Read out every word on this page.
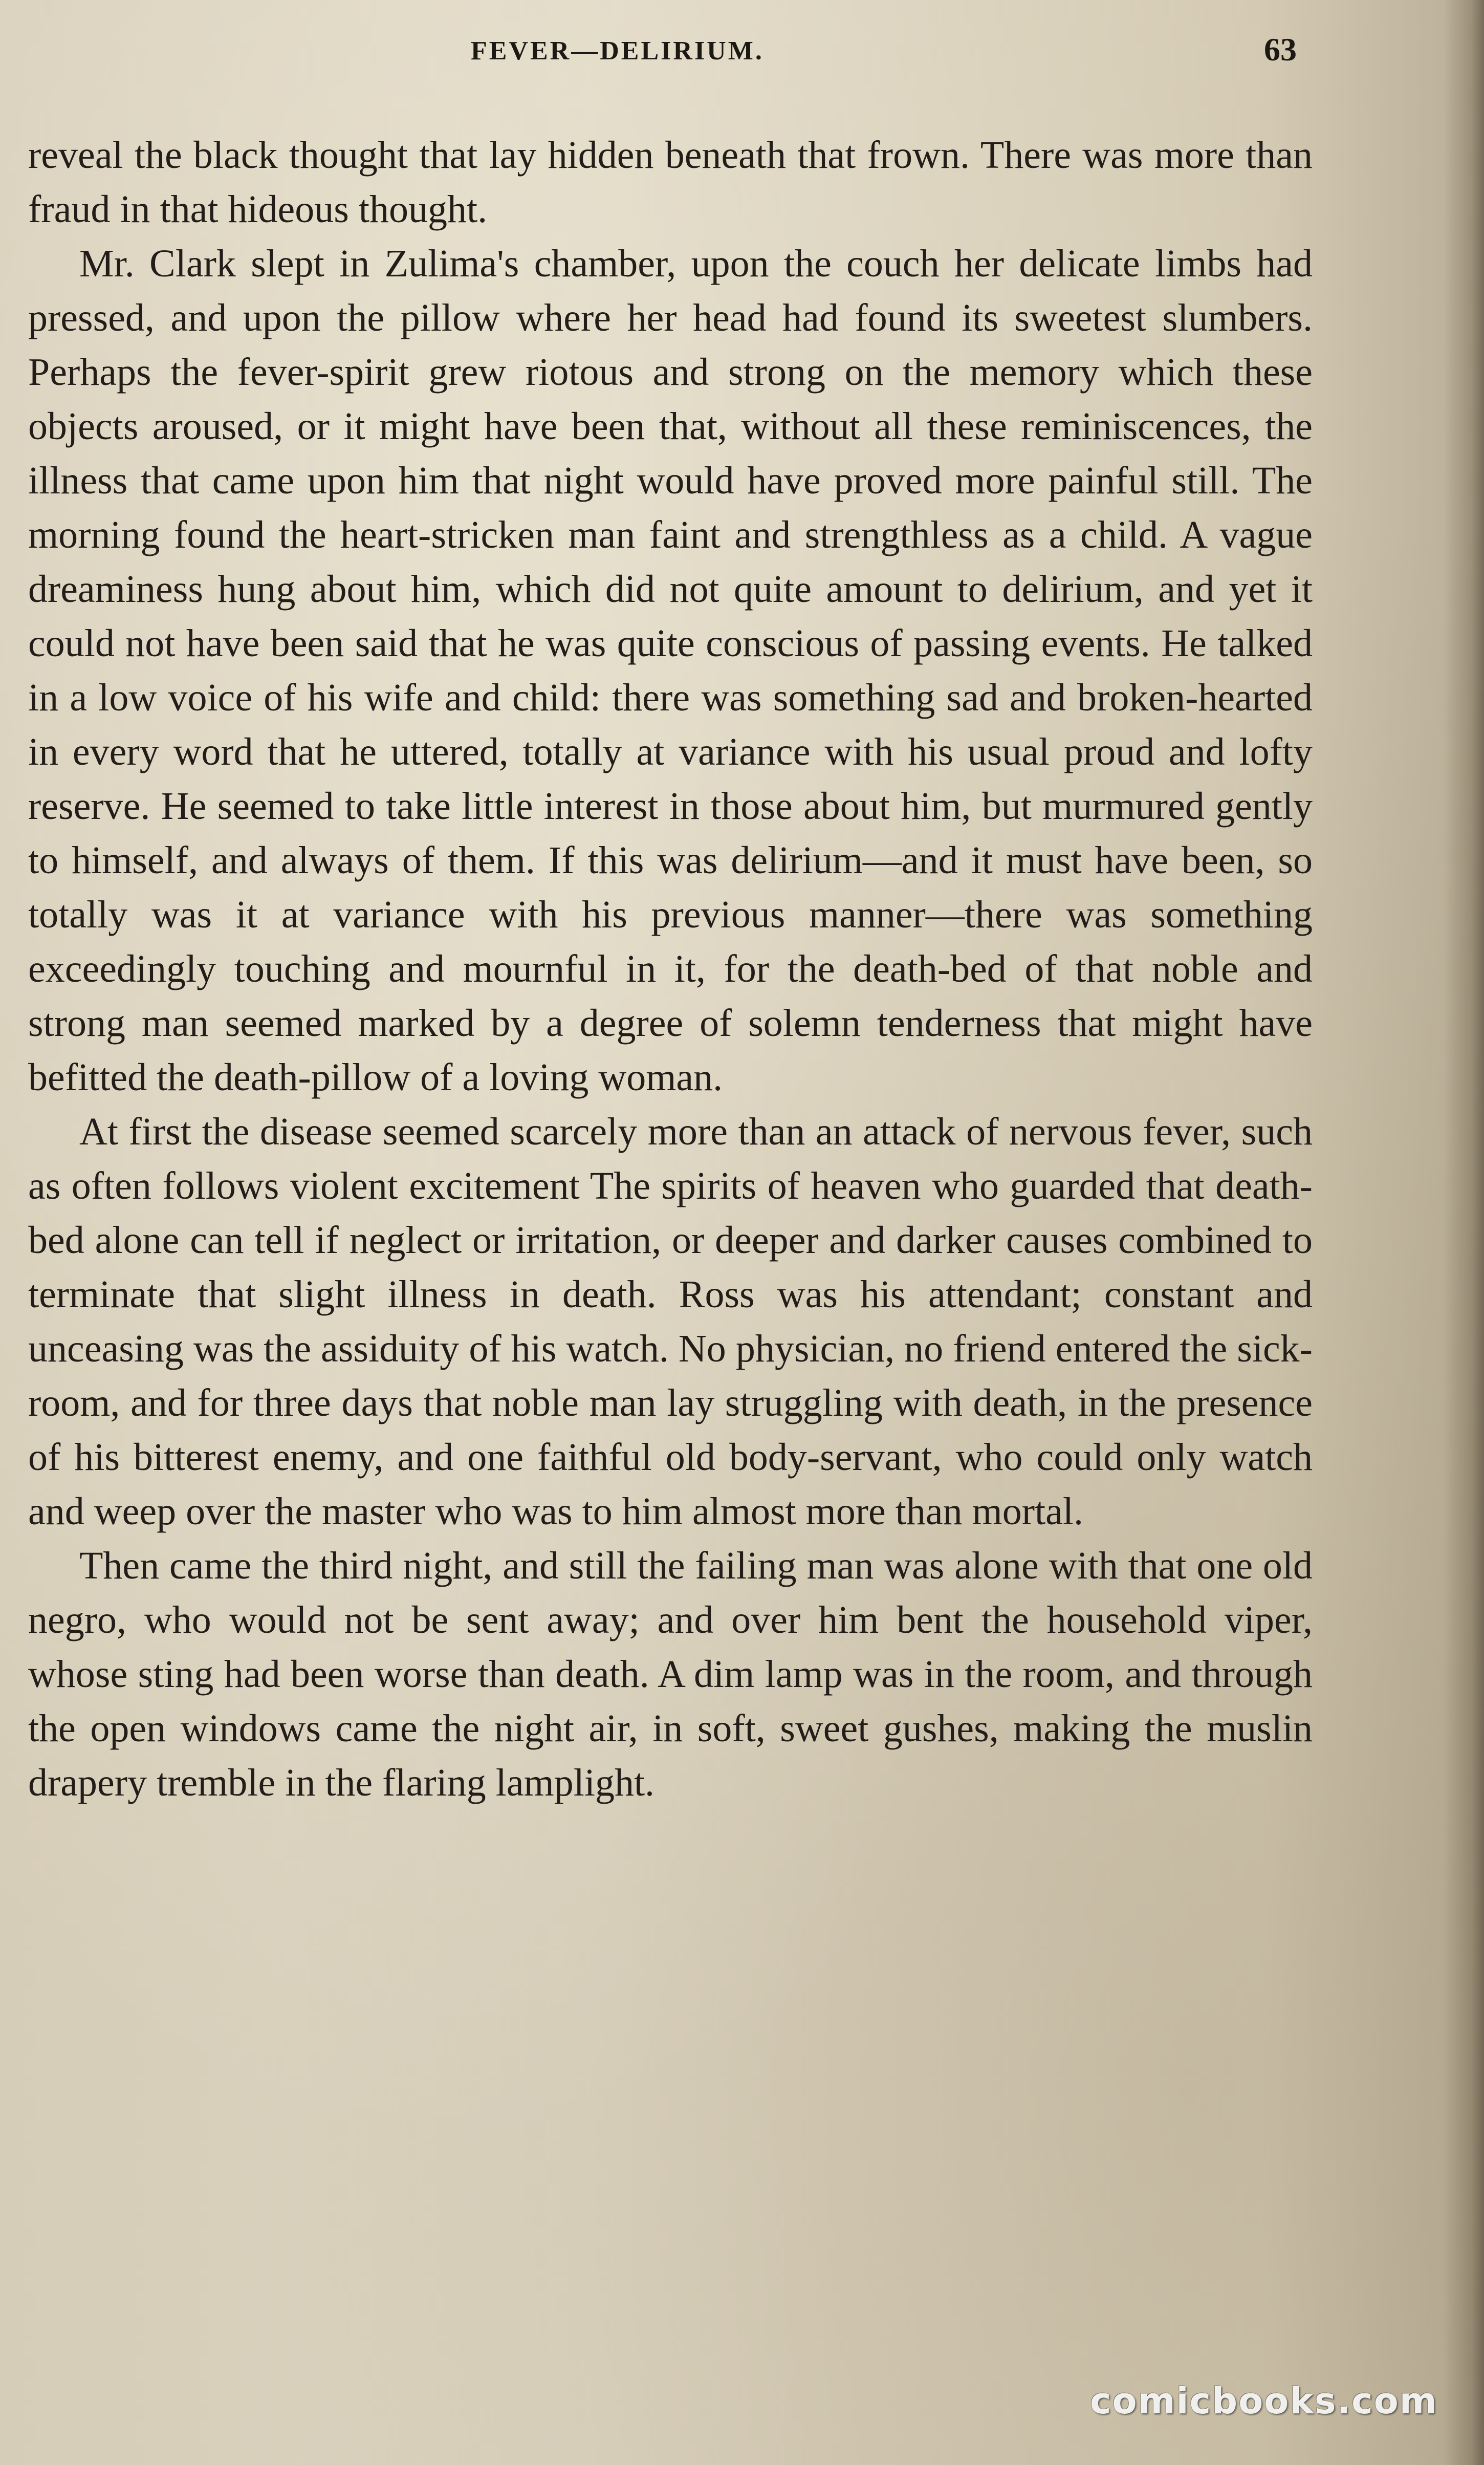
FEVER—DELIRIUM.	63

reveal the black thought that lay hidden beneath that frown. There was more than fraud in that hideous thought.

Mr. Clark slept in Zulima's chamber, upon the couch her delicate limbs had pressed, and upon the pillow where her head had found its sweetest slumbers. Perhaps the fever-spirit grew riotous and strong on the memory which these objects aroused, or it might have been that, without all these reminiscences, the illness that came upon him that night would have proved more painful still. The morning found the heart-stricken man faint and strengthless as a child. A vague dreaminess hung about him, which did not quite amount to delirium, and yet it could not have been said that he was quite conscious of passing events. He talked in a low voice of his wife and child: there was something sad and broken-hearted in every word that he uttered, totally at variance with his usual proud and lofty reserve. He seemed to take little interest in those about him, but murmured gently to himself, and always of them. If this was delirium—and it must have been, so totally was it at variance with his previous manner—there was something exceedingly touching and mournful in it, for the death-bed of that noble and strong man seemed marked by a degree of solemn tenderness that might have befitted the death-pillow of a loving woman.

At first the disease seemed scarcely more than an attack of nervous fever, such as often follows violent excitement The spirits of heaven who guarded that death-bed alone can tell if neglect or irritation, or deeper and darker causes combined to terminate that slight illness in death. Ross was his attendant; constant and unceasing was the assiduity of his watch. No physician, no friend entered the sick-room, and for three days that noble man lay struggling with death, in the presence of his bitterest enemy, and one faithful old body-servant, who could only watch and weep over the master who was to him almost more than mortal.

Then came the third night, and still the failing man was alone with that one old negro, who would not be sent away; and over him bent the household viper, whose sting had been worse than death. A dim lamp was in the room, and through the open windows came the night air, in soft, sweet gushes, making the muslin drapery tremble in the flaring lamplight.

comicbooks.com
